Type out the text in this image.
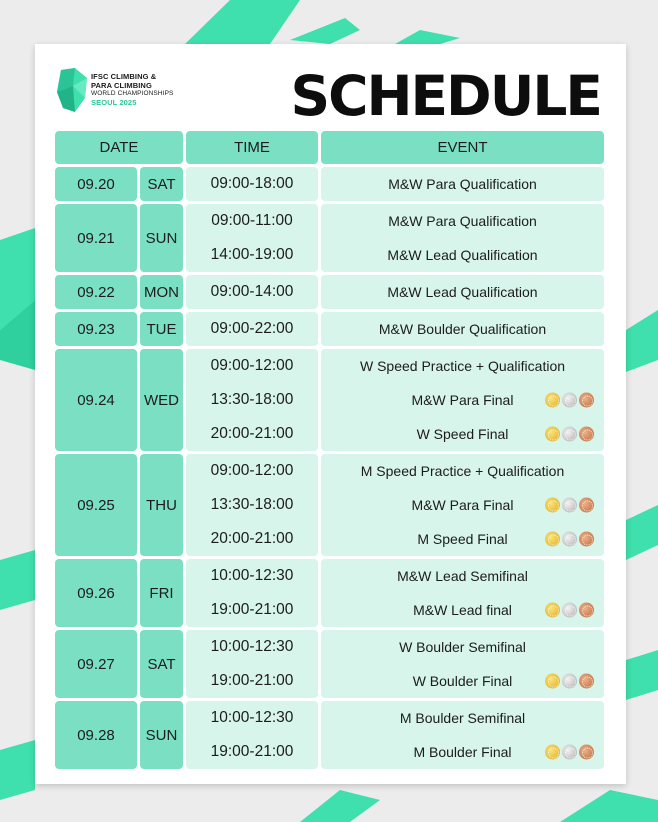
IFSC CLIMBING &
PARA CLIMBING
WORLD CHAMPIONSHIPS
SEOUL 2025	SCHEDULE
DATE	TIME	EVENT
09.20	SAT	09:00-18:00	M&W Para Qualification
09.21	SUN
09:00-11:00	M&W Para Qualification
14:00-19:00	M&W Lead Qualification
09.22	MON	09:00-14:00	M&W Lead Qualification
09.23	TUE	09:00-22:00	M&W Boulder Qualification
09.24	WED
09:00-12:00	W Speed Practice + Qualification
13:30-18:00	M&W Para Final
20:00-21:00	W Speed Final
09.25	THU
09:00-12:00	M Speed Practice + Qualification
13:30-18:00	M&W Para Final
20:00-21:00	M Speed Final
09.26	FRI
10:00-12:30	M&W Lead Semifinal
19:00-21:00	M&W Lead final
09.27	SAT
10:00-12:30	W Boulder Semifinal
19:00-21:00	W Boulder Final
09.28	SUN
10:00-12:30	M Boulder Semifinal
19:00-21:00	M Boulder Final
